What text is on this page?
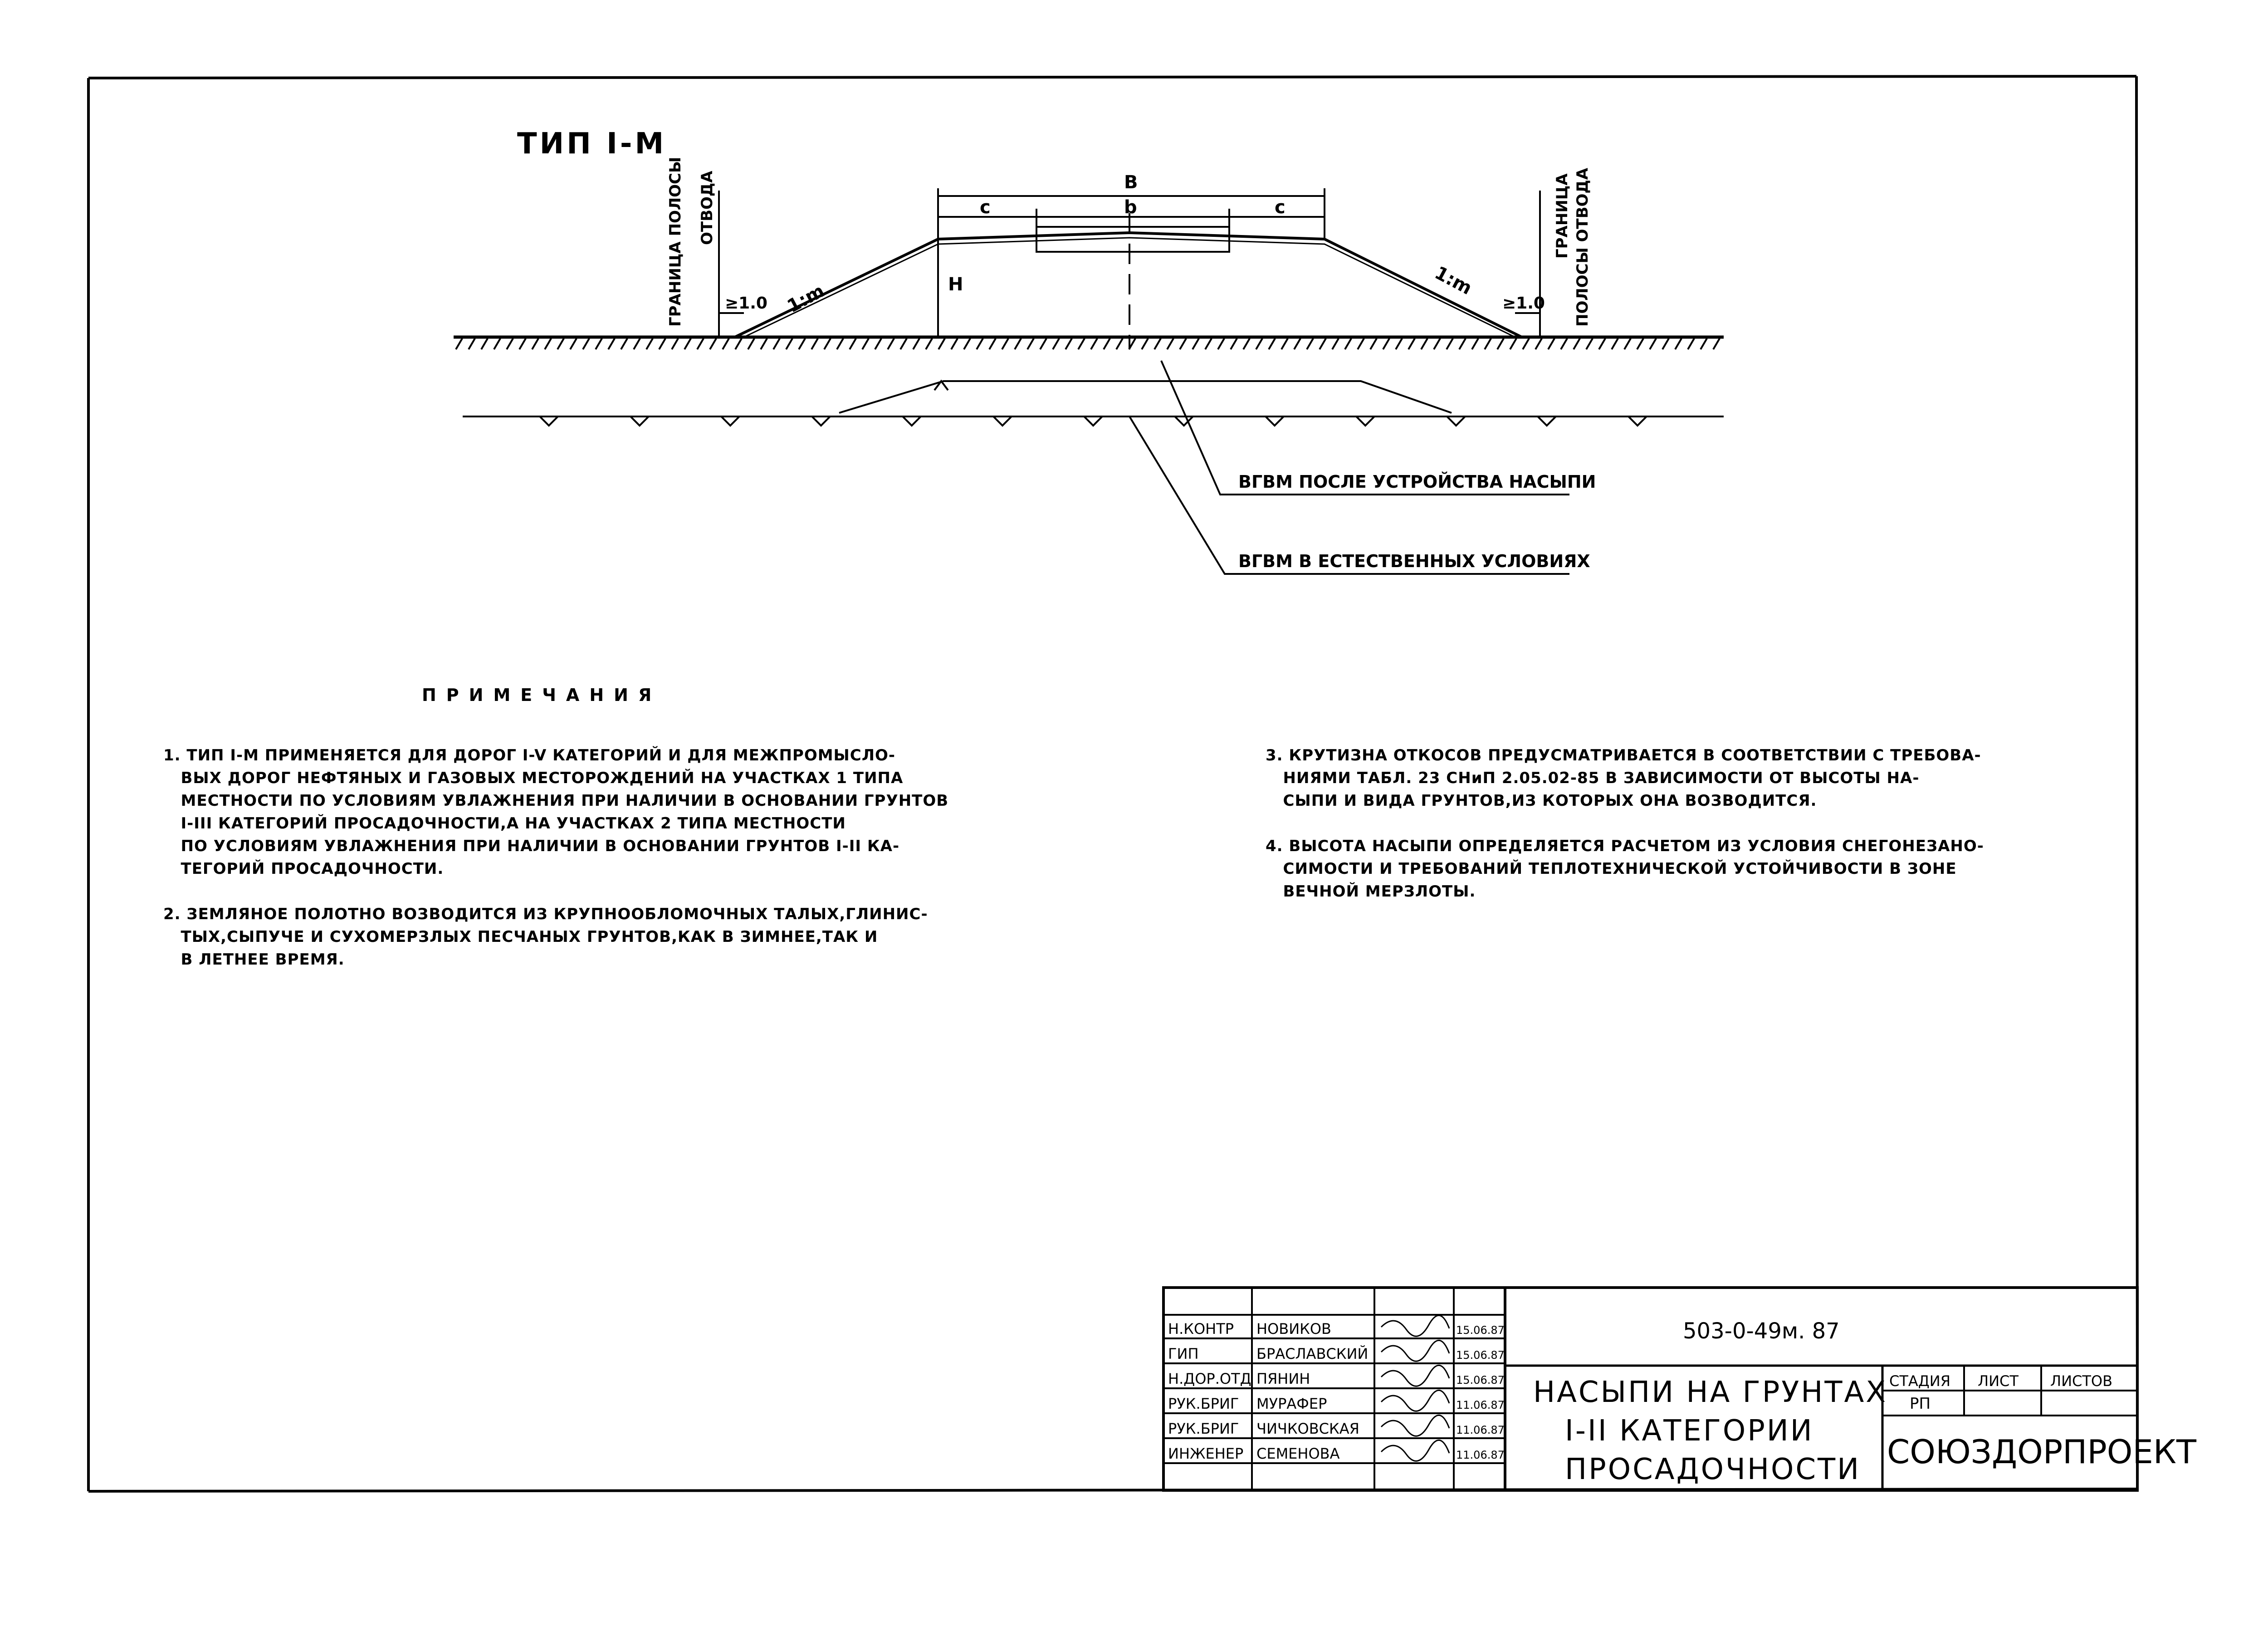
ТИП I-М
В
c	b	c
Н
1:m	1:m
ГРАНИЦА ПОЛОСЫ ОТВОДА
≥1.0
ГРАНИЦА ПОЛОСЫ ОТВОДА
≥1.0
ВГВМ ПОСЛЕ УСТРОЙСТВА НАСЫПИ
ВГВМ В ЕСТЕСТВЕННЫХ УСЛОВИЯХ
503-0-49м. 87
НАСЫПИ НА ГРУНТАХ
I-II КАТЕГОРИИ
ПРОСАДОЧНОСТИ
СТАДИЯ ЛИСТ ЛИСТОВ
РП
СОЮЗДОРПРОЕКТ
Н.КОНТР НОВИКОВ	15.06.87
ГИП	БРАСЛАВСКИЙ	15.06.87
Н.ДОР.ОТД ПЯНИН	15.06.87
РУК.БРИГ МУРАФЕР	11.06.87
РУК.БРИГ ЧИЧКОВСКАЯ	11.06.87
ИНЖЕНЕР СЕМЕНОВА	11.06.87
ПРИМЕЧАНИЯ
1. ТИП I-М ПРИМЕНЯЕТСЯ ДЛЯ ДОРОГ I-V КАТЕГОРИЙ И ДЛЯ МЕЖПРОМЫСЛО-
ВЫХ ДОРОГ НЕФТЯНЫХ И ГАЗОВЫХ МЕСТОРОЖДЕНИЙ НА УЧАСТКАХ 1 ТИПА
МЕСТНОСТИ ПО УСЛОВИЯМ УВЛАЖНЕНИЯ ПРИ НАЛИЧИИ В ОСНОВАНИИ ГРУНТОВ
I-III КАТЕГОРИЙ ПРОСАДОЧНОСТИ,А НА УЧАСТКАХ 2 ТИПА МЕСТНОСТИ
ПО УСЛОВИЯМ УВЛАЖНЕНИЯ ПРИ НАЛИЧИИ В ОСНОВАНИИ ГРУНТОВ I-II КА-
ТЕГОРИЙ ПРОСАДОЧНОСТИ.
2. ЗЕМЛЯНОЕ ПОЛОТНО ВОЗВОДИТСЯ ИЗ КРУПНООБЛОМОЧНЫХ ТАЛЫХ,ГЛИНИС-
ТЫХ,СЫПУЧЕ И СУХОМЕРЗЛЫХ ПЕСЧАНЫХ ГРУНТОВ,КАК В ЗИМНЕЕ,ТАК И
В ЛЕТНЕЕ ВРЕМЯ.
3. КРУТИЗНА ОТКОСОВ ПРЕДУСМАТРИВАЕТСЯ В СООТВЕТСТВИИ С ТРЕБОВА-
НИЯМИ ТАБЛ. 23 СНиП 2.05.02-85 В ЗАВИСИМОСТИ ОТ ВЫСОТЫ НА-
СЫПИ И ВИДА ГРУНТОВ,ИЗ КОТОРЫХ ОНА ВОЗВОДИТСЯ.
4. ВЫСОТА НАСЫПИ ОПРЕДЕЛЯЕТСЯ РАСЧЕТОМ ИЗ УСЛОВИЯ СНЕГОНЕЗАНО-
СИМОСТИ И ТРЕБОВАНИЙ ТЕПЛОТЕХНИЧЕСКОЙ УСТОЙЧИВОСТИ В ЗОНЕ
ВЕЧНОЙ МЕРЗЛОТЫ.
